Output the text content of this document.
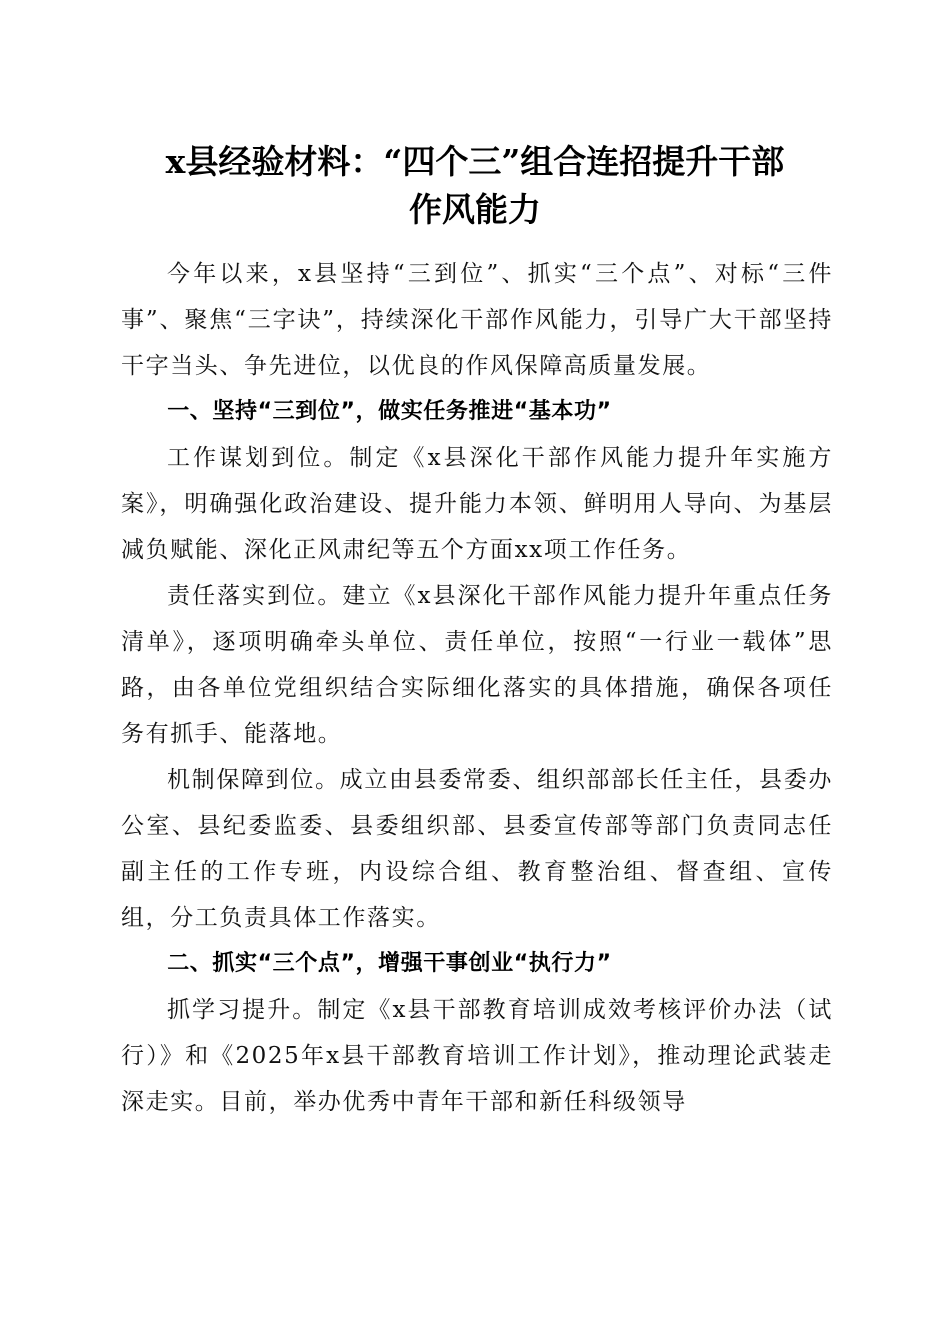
x县经验材料：“四个三”组合连招提升干部
作风能力

今年以来，x县坚持“三到位”、抓实“三个点”、对标“三件事”、聚焦“三字诀”，持续深化干部作风能力，引导广大干部坚持干字当头、争先进位，以优良的作风保障高质量发展。

一、坚持“三到位”，做实任务推进“基本功”

工作谋划到位。制定《x县深化干部作风能力提升年实施方案》，明确强化政治建设、提升能力本领、鲜明用人导向、为基层减负赋能、深化正风肃纪等五个方面xx项工作任务。

责任落实到位。建立《x县深化干部作风能力提升年重点任务清单》，逐项明确牵头单位、责任单位，按照“一行业一载体”思路，由各单位党组织结合实际细化落实的具体措施，确保各项任务有抓手、能落地。

机制保障到位。成立由县委常委、组织部部长任主任，县委办公室、县纪委监委、县委组织部、县委宣传部等部门负责同志任副主任的工作专班，内设综合组、教育整治组、督查组、宣传组，分工负责具体工作落实。

二、抓实“三个点”，增强干事创业“执行力”

抓学习提升。制定《x县干部教育培训成效考核评价办法（试行）》和《2025年x县干部教育培训工作计划》，推动理论武装走深走实。目前，举办优秀中青年干部和新任科级领导
